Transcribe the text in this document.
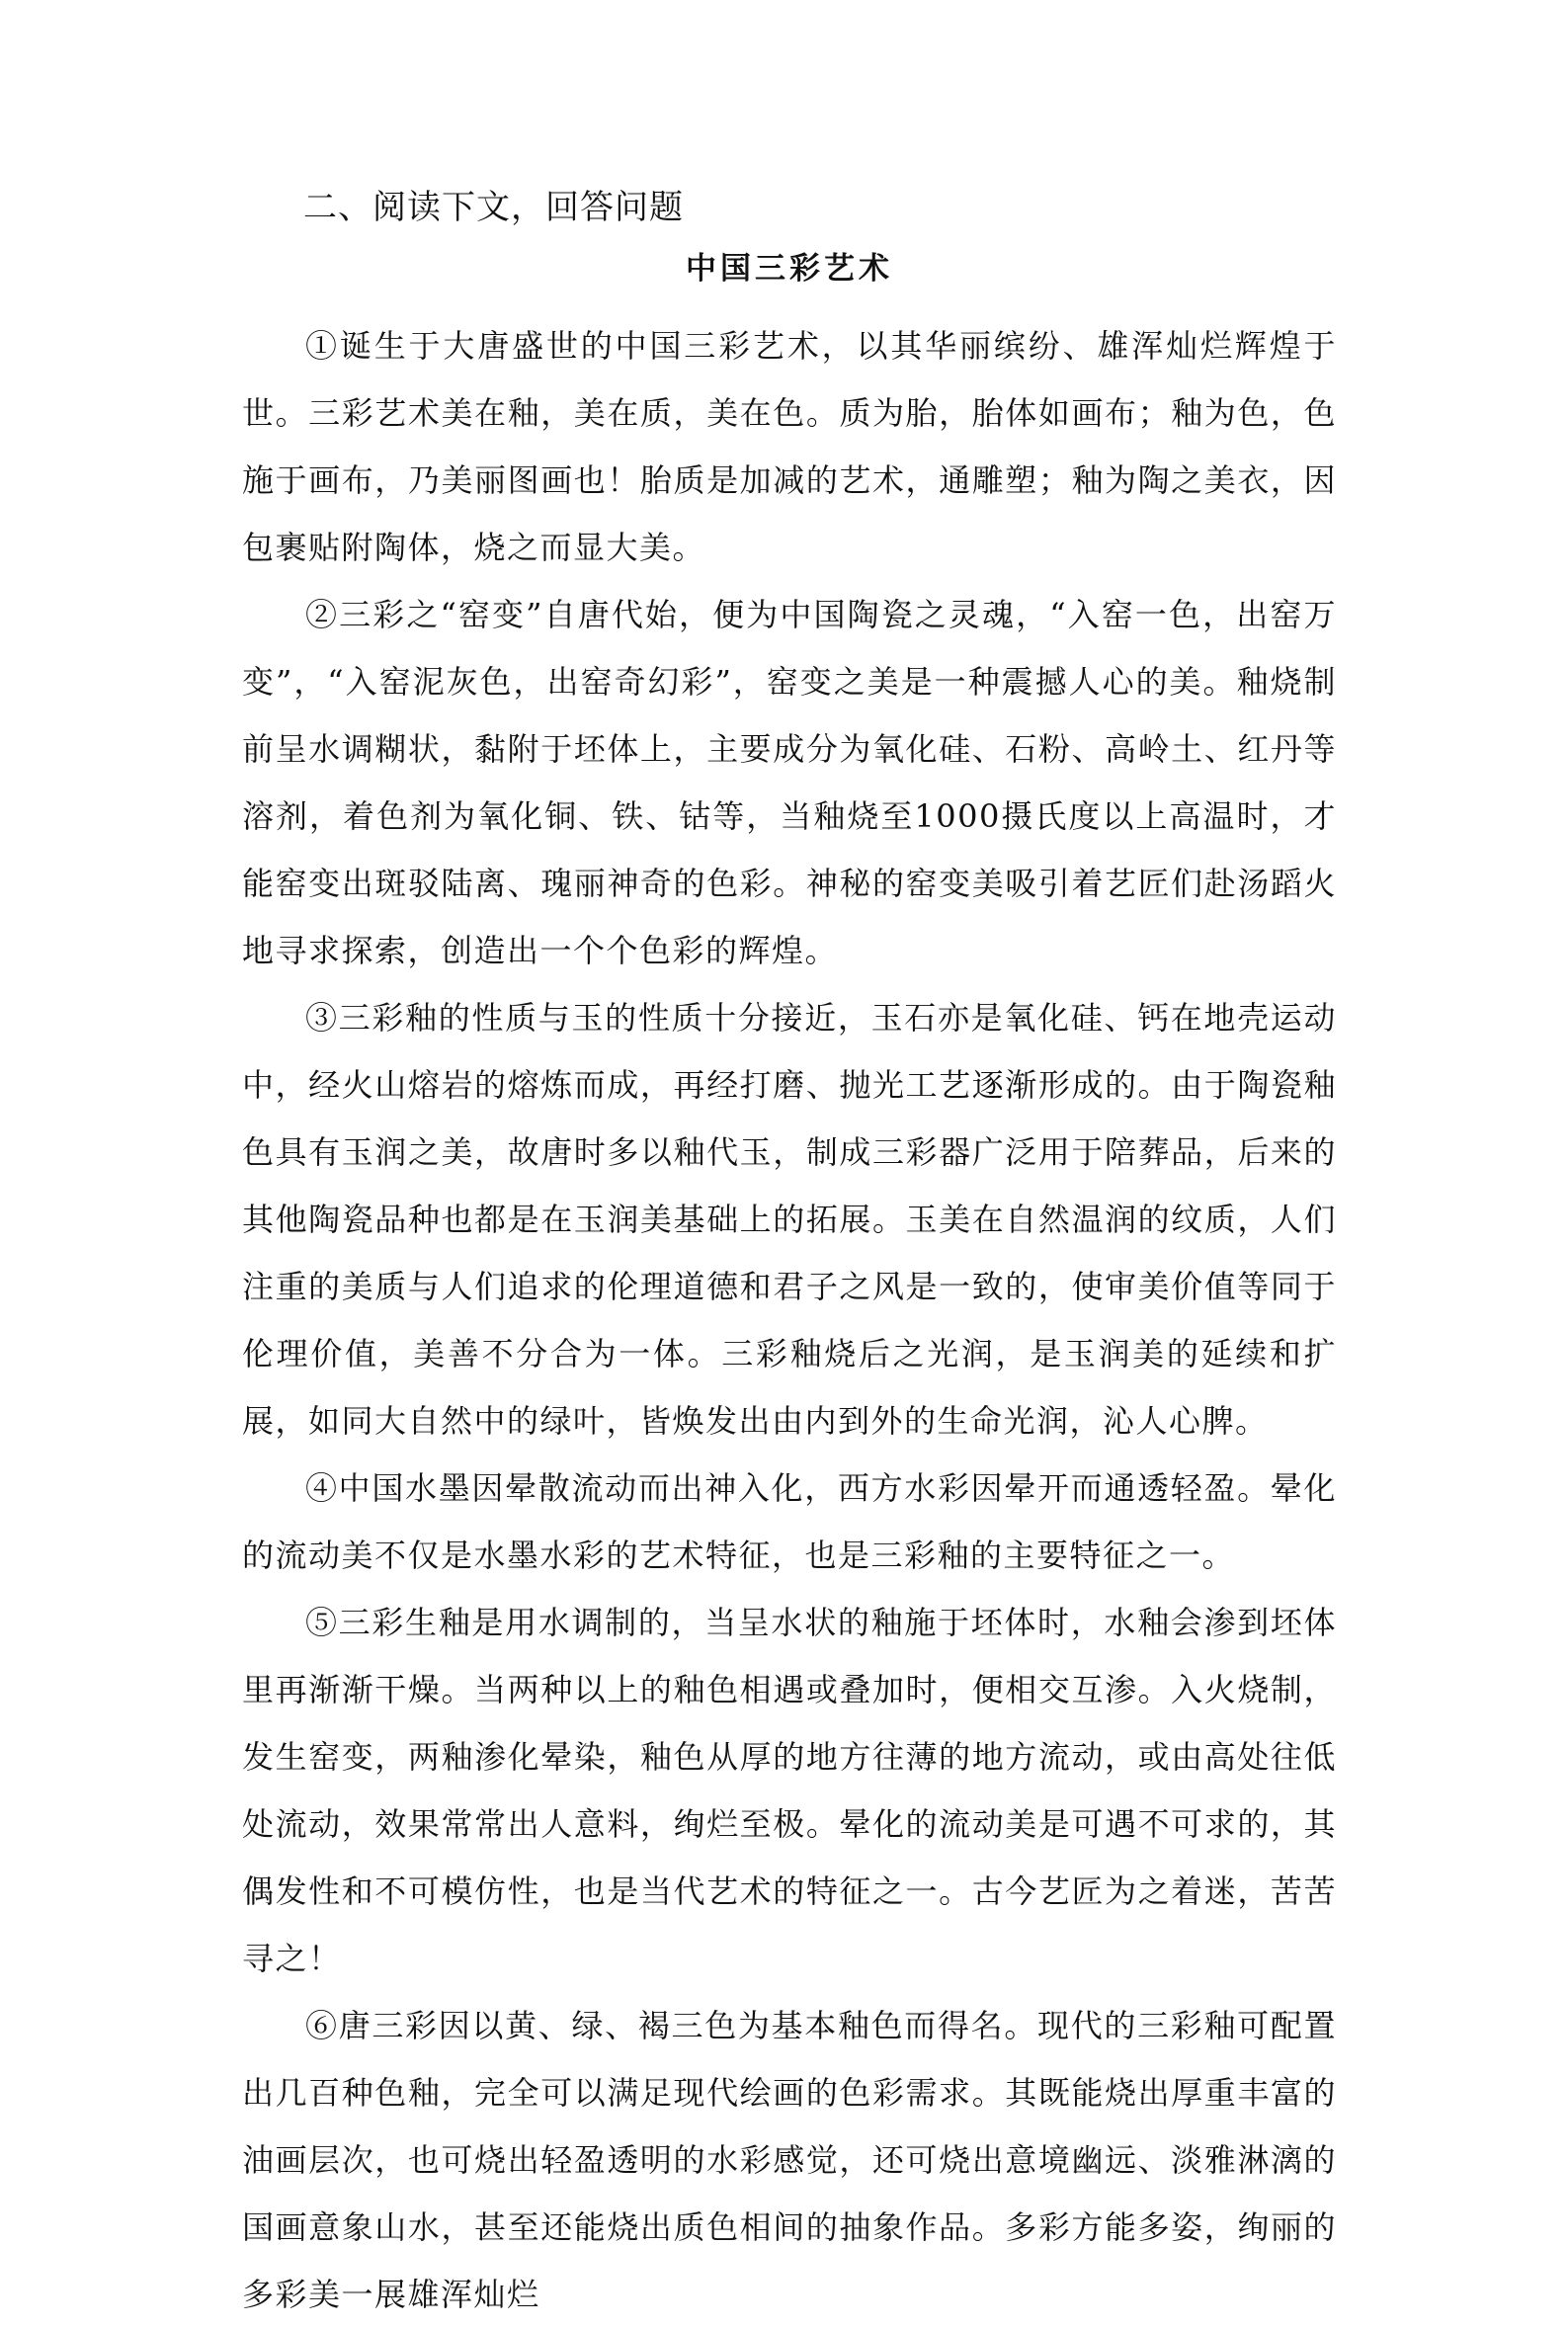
二、阅读下文，回答问题
中国三彩艺术

①诞生于大唐盛世的中国三彩艺术，以其华丽缤纷、雄浑灿烂辉煌于世。三彩艺术美在釉，美在质，美在色。质为胎，胎体如画布；釉为色，色施于画布，乃美丽图画也！胎质是加减的艺术，通雕塑；釉为陶之美衣，因包裹贴附陶体，烧之而显大美。

②三彩之“窑变”自唐代始，便为中国陶瓷之灵魂，“入窑一色，出窑万变”，“入窑泥灰色，出窑奇幻彩”，窑变之美是一种震撼人心的美。釉烧制前呈水调糊状，黏附于坯体上，主要成分为氧化硅、石粉、高岭土、红丹等溶剂，着色剂为氧化铜、铁、钴等，当釉烧至1000摄氏度以上高温时，才能窑变出斑驳陆离、瑰丽神奇的色彩。神秘的窑变美吸引着艺匠们赴汤蹈火地寻求探索，创造出一个个色彩的辉煌。

③三彩釉的性质与玉的性质十分接近，玉石亦是氧化硅、钙在地壳运动中，经火山熔岩的熔炼而成，再经打磨、抛光工艺逐渐形成的。由于陶瓷釉色具有玉润之美，故唐时多以釉代玉，制成三彩器广泛用于陪葬品，后来的其他陶瓷品种也都是在玉润美基础上的拓展。玉美在自然温润的纹质，人们注重的美质与人们追求的伦理道德和君子之风是一致的，使审美价值等同于伦理价值，美善不分合为一体。三彩釉烧后之光润，是玉润美的延续和扩展，如同大自然中的绿叶，皆焕发出由内到外的生命光润，沁人心脾。

④中国水墨因晕散流动而出神入化，西方水彩因晕开而通透轻盈。晕化的流动美不仅是水墨水彩的艺术特征，也是三彩釉的主要特征之一。

⑤三彩生釉是用水调制的，当呈水状的釉施于坯体时，水釉会渗到坯体里再渐渐干燥。当两种以上的釉色相遇或叠加时，便相交互渗。入火烧制，发生窑变，两釉渗化晕染，釉色从厚的地方往薄的地方流动，或由高处往低处流动，效果常常出人意料，绚烂至极。晕化的流动美是可遇不可求的，其偶发性和不可模仿性，也是当代艺术的特征之一。古今艺匠为之着迷，苦苦寻之！

⑥唐三彩因以黄、绿、褐三色为基本釉色而得名。现代的三彩釉可配置出几百种色釉，完全可以满足现代绘画的色彩需求。其既能烧出厚重丰富的油画层次，也可烧出轻盈透明的水彩感觉，还可烧出意境幽远、淡雅淋漓的国画意象山水，甚至还能烧出质色相间的抽象作品。多彩方能多姿，绚丽的多彩美一展雄浑灿烂
